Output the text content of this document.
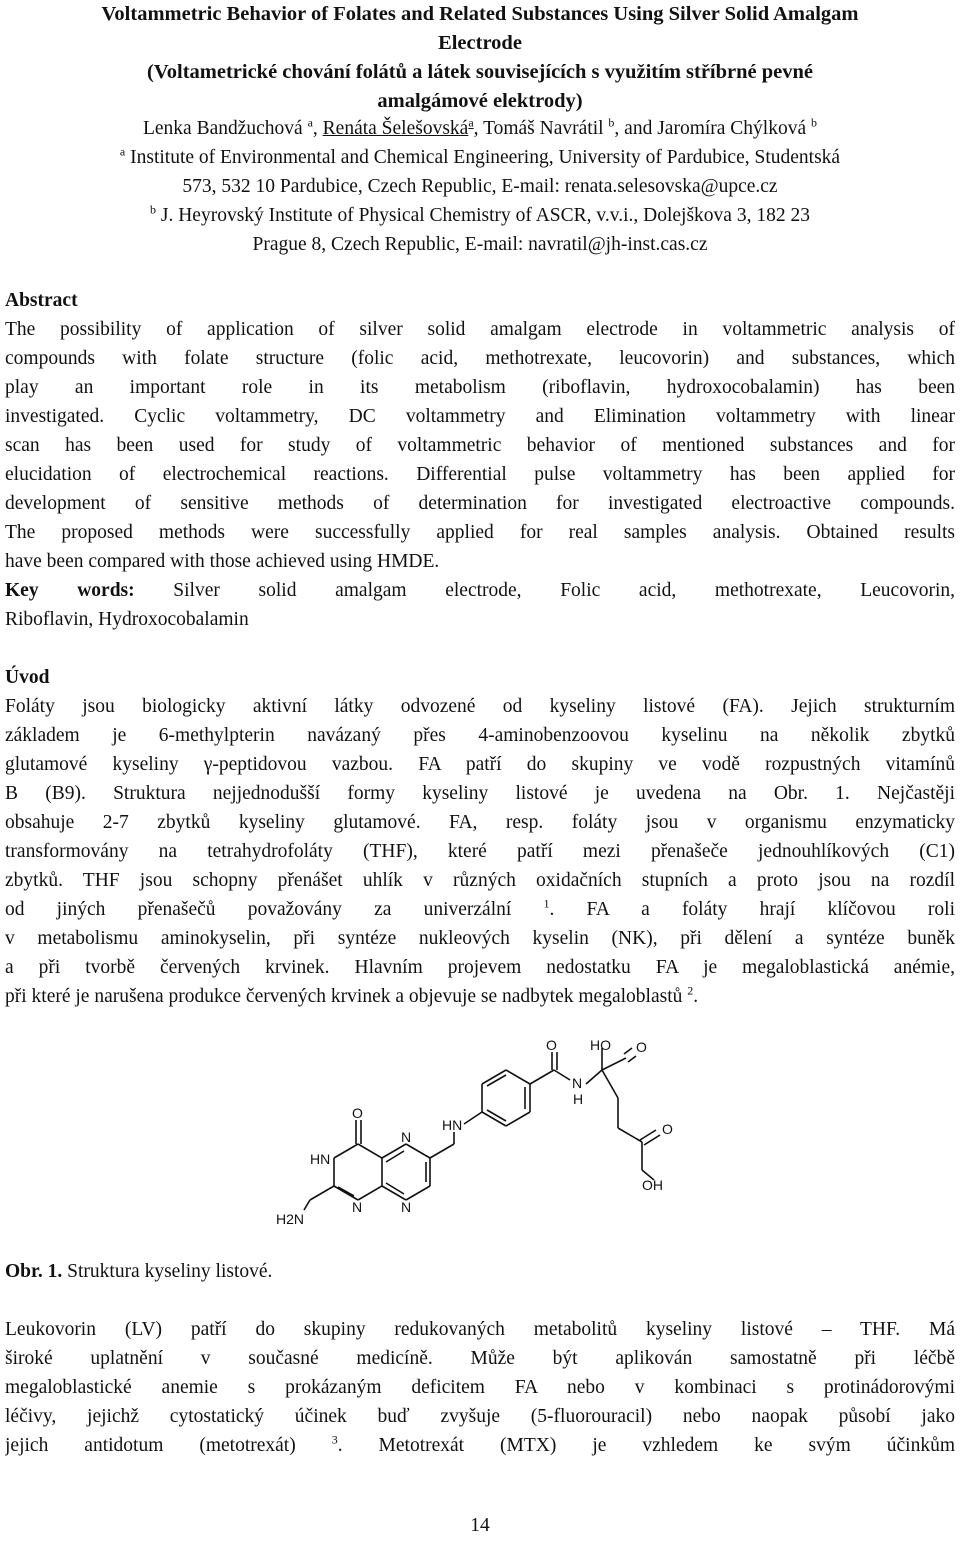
Voltammetric Behavior of Folates and Related Substances Using Silver Solid Amalgam
Electrode
(Voltametrické chování folátů a látek souvisejících s využitím stříbrné pevné
amalgámové elektrody)
Lenka Bandžuchová $^a$, Renáta Šelešovská$^a$, Tomáš Navrátil $^b$, and Jaromíra Chýlková $^b$
$^a$ Institute of Environmental and Chemical Engineering, University of Pardubice, Studentská
573, 532 10 Pardubice, Czech Republic, E-mail: renata.selesovska@upce.cz
$^b$ J. Heyrovský Institute of Physical Chemistry of ASCR, v.v.i., Dolejškova 3, 182 23
Prague 8, Czech Republic, E-mail: navratil@jh-inst.cas.cz
Abstract
The possibility of application of silver solid amalgam electrode in voltammetric analysis of
compounds with folate structure (folic acid, methotrexate, leucovorin) and substances, which
play an important role in its metabolism (riboflavin, hydroxocobalamin) has been
investigated. Cyclic voltammetry, DC voltammetry and Elimination voltammetry with linear
scan has been used for study of voltammetric behavior of mentioned substances and for
elucidation of electrochemical reactions. Differential pulse voltammetry has been applied for
development of sensitive methods of determination for investigated electroactive compounds.
The proposed methods were successfully applied for real samples analysis. Obtained results
have been compared with those achieved using HMDE.
Key words: Silver solid amalgam electrode, Folic acid, methotrexate, Leucovorin,
Riboflavin, Hydroxocobalamin
Úvod
Foláty jsou biologicky aktivní látky odvozené od kyseliny listové (FA). Jejich strukturním
základem je 6-methylpterin navázaný přes 4-aminobenzoovou kyselinu na několik zbytků
glutamové kyseliny γ-peptidovou vazbou. FA patří do skupiny ve vodě rozpustných vitamínů
B (B9). Struktura nejjednodušší formy kyseliny listové je uvedena na Obr. 1. Nejčastěji
obsahuje 2-7 zbytků kyseliny glutamové. FA, resp. foláty jsou v organismu enzymaticky
transformovány na tetrahydrofoláty (THF), které patří mezi přenašeče jednouhlíkových (C1)
zbytků. THF jsou schopny přenášet uhlík v různých oxidačních stupních a proto jsou na rozdíl
od jiných přenašečů považovány za univerzální	$^1$. FA a foláty hrají klíčovou roli
v metabolismu aminokyselin, při syntéze nukleových kyselin (NK), při dělení a syntéze buněk
a při tvorbě červených krvinek. Hlavním projevem nedostatku FA je megaloblastická anémie,
při které je narušena produkce červených krvinek a objevuje se nadbytek megaloblastů $^2$.
HO
O	O
N
H
HN	O
OH
O
HN
N
N	N
H2N
Obr. 1. Struktura kyseliny listové.
Leukovorin (LV) patří do skupiny redukovaných metabolitů kyseliny listové – THF. Má
široké uplatnění v současné medicíně. Může být aplikován samostatně při léčbě
megaloblastické anemie s prokázaným deficitem FA nebo v kombinaci s protinádorovými
léčivy, jejichž cytostatický účinek buď zvyšuje (5-fluorouracil) nebo naopak působí jako
jejich antidotum (metotrexát)	$^3$. Metotrexát (MTX) je vzhledem ke svým účinkům
14
